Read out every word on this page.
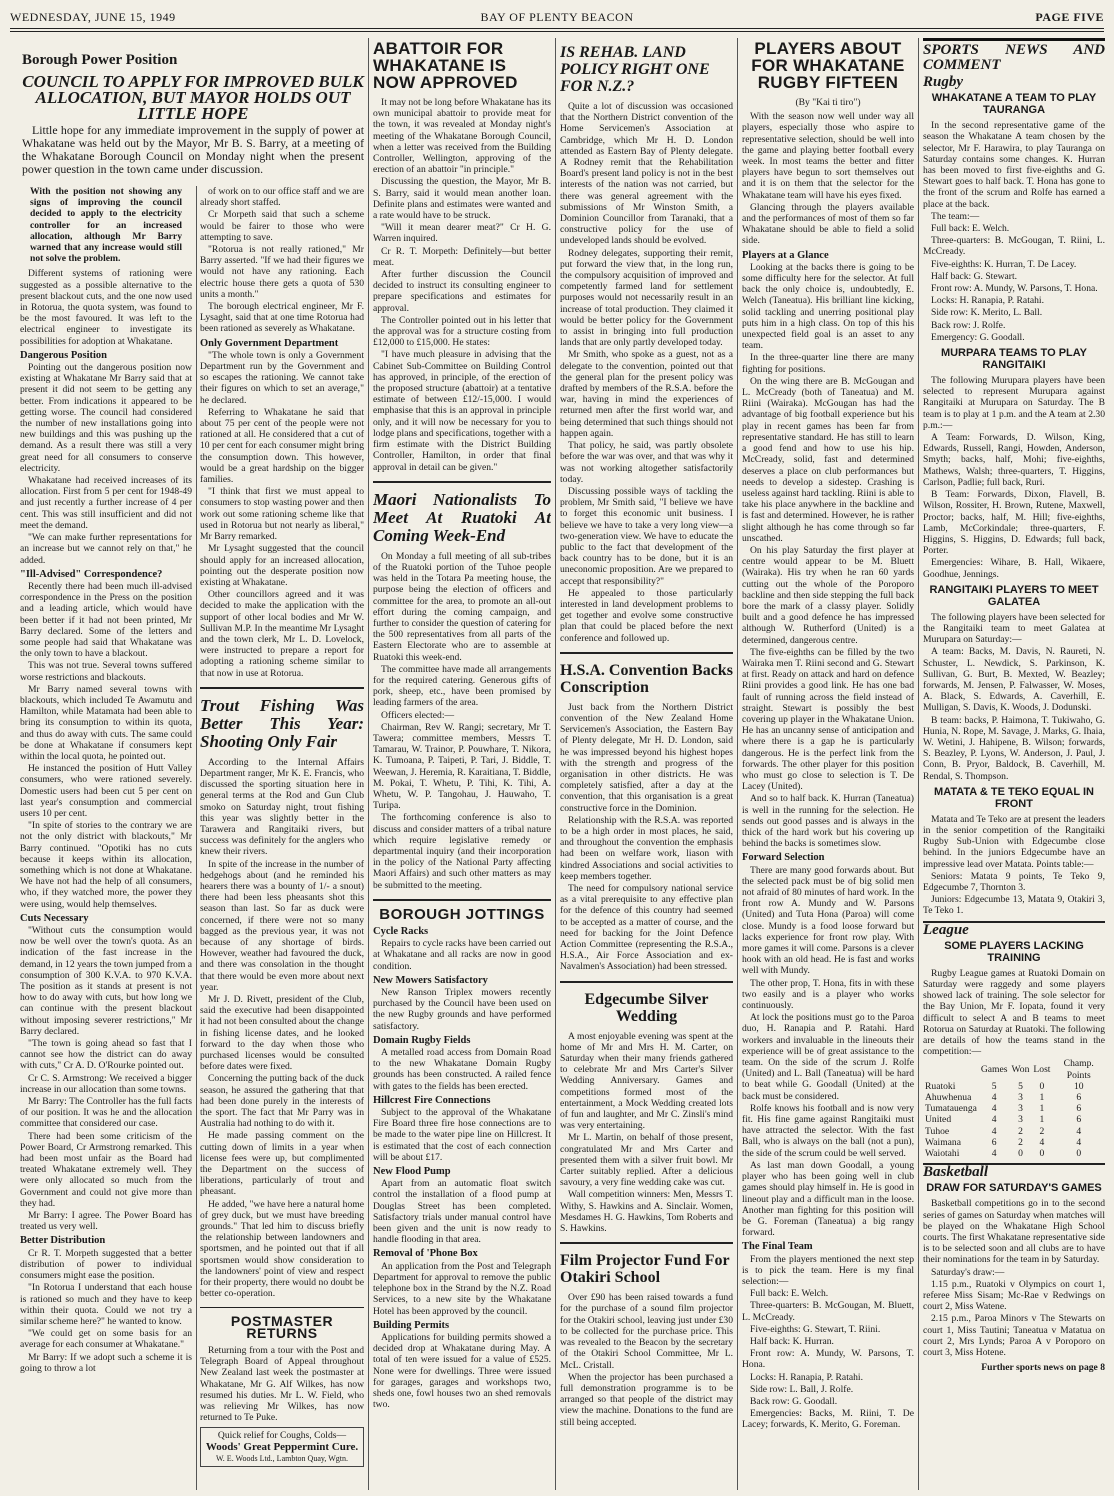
WEDNESDAY, JUNE 15, 1949	BAY OF PLENTY BEACON	PAGE FIVE
Borough Power Position
COUNCIL TO APPLY FOR IMPROVED BULK ALLOCATION, BUT MAYOR HOLDS OUT LITTLE HOPE

Little hope for any immediate improvement in the supply of power at Whakatane was held out by the Mayor, Mr B. S. Barry, at a meeting of the Whakatane Borough Council on Monday night when the present power question in the town came under discussion.

With the position not showing any signs of improving the council decided to apply to the electricity controller for an increased allocation, although Mr Barry warned that any increase would still not solve the problem.

Different systems of rationing were suggested as a possible alternative to the present blackout cuts, and the one now used in Rotorua, the quota system, was found to be the most favoured. It was left to the electrical engineer to investigate its possibilities for adoption at Whakatane.

Dangerous Position

Pointing out the dangerous position now existing at Whakatane Mr Barry said that at present it did not seem to be getting any better. From indications it appeared to be getting worse. The council had considered the number of new installations going into new buildings and this was pushing up the demand. As a result there was still a very great need for all consumers to conserve electricity.

Whakatane had received increases of its allocation. First from 5 per cent for 1948-49 and just recently a further increase of 4 per cent. This was still insufficient and did not meet the demand.

"We can make further representations for an increase but we cannot rely on that," he added.

"Ill-Advised" Correspondence?

Recently there had been much ill-advised correspondence in the Press on the position and a leading article, which would have been better if it had not been printed, Mr Barry declared. Some of the letters and some people had said that Whakatane was the only town to have a blackout.

This was not true. Several towns suffered worse restrictions and blackouts.

Mr Barry named several towns with blackouts, which included Te Awamutu and Hamilton, while Matamata had been able to bring its consumption to within its quota, and thus do away with cuts. The same could be done at Whakatane if consumers kept within the local quota, he pointed out.

He instanced the position of Hutt Valley consumers, who were rationed severely. Domestic users had been cut 5 per cent on last year's consumption and commercial users 10 per cent.

"In spite of stories to the contrary we are not the only district with blackouts," Mr Barry continued. "Opotiki has no cuts because it keeps within its allocation, something which is not done at Whakatane. We have not had the help of all consumers, who, if they watched more, the power they were using, would help themselves.

Cuts Necessary

"Without cuts the consumption would now be well over the town's quota. As an indication of the fast increase in the demand, in 12 years the town jumped from a consumption of 300 K.V.A. to 970 K.V.A. The position as it stands at present is not how to do away with cuts, but how long we can continue with the present blackout without imposing severer restrictions," Mr Barry declared.

"The town is going ahead so fast that I cannot see how the district can do away with cuts," Cr A. D. O'Rourke pointed out.

Cr C. S. Armstrong: We received a bigger increase in our allocation than some towns.

Mr Barry: The Controller has the full facts of our position. It was he and the allocation committee that considered our case.

There had been some criticism of the Power Board, Cr Armstrong remarked. This had been most unfair as the Board had treated Whakatane extremely well. They were only allocated so much from the Government and could not give more than they had.

Mr Barry: I agree. The Power Board has treated us very well.

Better Distribution

Cr R. T. Morpeth suggested that a better distribution of power to individual consumers might ease the position.

"In Rotorua I understand that each house is rationed so much and they have to keep within their quota. Could we not try a similar scheme here?" he wanted to know.

"We could get on some basis for an average for each consumer at Whakatane."

Mr Barry: If we adopt such a scheme it is going to throw a lot

of work on to our office staff and we are already short staffed.

Cr Morpeth said that such a scheme would be fairer to those who were attempting to save.

"Rotorua is not really rationed," Mr Barry asserted. "If we had their figures we would not have any rationing. Each electric house there gets a quota of 530 units a month."

The borough electrical engineer, Mr F. Lysaght, said that at one time Rotorua had been rationed as severely as Whakatane.

Only Government Department

"The whole town is only a Government Department run by the Government and so escapes the rationing. We cannot take their figures on which to set an average," he declared.

Referring to Whakatane he said that about 75 per cent of the people were not rationed at all. He considered that a cut of 10 per cent for each consumer might bring the consumption down. This however, would be a great hardship on the bigger families.

"I think that first we must appeal to consumers to stop wasting power and then work out some rationing scheme like that used in Rotorua but not nearly as liberal," Mr Barry remarked.

Mr Lysaght suggested that the council should apply for an increased allocation, pointing out the desperate position now existing at Whakatane.

Other councillors agreed and it was decided to make the application with the support of other local bodies and Mr W. Sullivan M.P. In the meantime Mr Lysaght and the town clerk, Mr L. D. Lovelock, were instructed to prepare a report for adopting a rationing scheme similar to that now in use at Rotorua.

Trout Fishing Was Better This Year: Shooting Only Fair

According to the Internal Affairs Department ranger, Mr K. E. Francis, who discussed the sporting situation here in general terms at the Rod and Gun Club smoko on Saturday night, trout fishing this year was slightly better in the Tarawera and Rangitaiki rivers, but success was definitely for the anglers who knew their rivers.

In spite of the increase in the number of hedgehogs about (and he reminded his hearers there was a bounty of 1/- a snout) there had been less pheasants shot this season than last. So far as duck were concerned, if there were not so many bagged as the previous year, it was not because of any shortage of birds. However, weather had favoured the duck, and there was consolation in the thought that there would be even more about next year.

Mr J. D. Rivett, president of the Club, said the executive had been disappointed it had not been consulted about the change in fishing license dates, and he looked forward to the day when those who purchased licenses would be consulted before dates were fixed.

Concerning the putting back of the duck season, he assured the gathering that that had been done purely in the interests of the sport. The fact that Mr Parry was in Australia had nothing to do with it.

He made passing comment on the cutting down of limits in a year when license fees were up, but complimented the Department on the success of liberations, particularly of trout and pheasant.

He added, "we have here a natural home of grey duck, but we must have breeding grounds." That led him to discuss briefly the relationship between landowners and sportsmen, and he pointed out that if all sportsmen would show consideration to the landowners' point of view and respect for their property, there would no doubt be better co-operation.

POSTMASTER RETURNS

Returning from a tour with the Post and Telegraph Board of Appeal throughout New Zealand last week the postmaster at Whakatane, Mr G. Alf Wilkes, has now resumed his duties. Mr L. W. Field, who was relieving Mr Wilkes, has now returned to Te Puke.

Quick relief for Coughs, Colds—
Woods' Great Peppermint Cure.
W. E. Woods Ltd., Lambton Quay, Wgtn.
ABATTOIR FOR WHAKATANE IS NOW APPROVED

It may not be long before Whakatane has its own municipal abattoir to provide meat for the town, it was revealed at Monday night's meeting of the Whakatane Borough Council, when a letter was received from the Building Controller, Wellington, approving of the erection of an abattoir "in principle."

Discussing the question, the Mayor, Mr B. S. Barry, said it would mean another loan. Definite plans and estimates were wanted and a rate would have to be struck.

"Will it mean dearer meat?" Cr H. G. Warren inquired.

Cr R. T. Morpeth: Definitely—but better meat.

After further discussion the Council decided to instruct its consulting engineer to prepare specifications and estimates for approval.

The Controller pointed out in his letter that the approval was for a structure costing from £12,000 to £15,000. He states:

"I have much pleasure in advising that the Cabinet Sub-Committee on Building Control has approved, in principle, of the erection of the proposed structure (abattoir) at a tentative estimate of between £12/-15,000. I would emphasise that this is an approval in principle only, and it will now be necessary for you to lodge plans and specifications, together with a firm estimate with the District Building Controller, Hamilton, in order that final approval in detail can be given."

Maori Nationalists To Meet At Ruatoki At Coming Week-End

On Monday a full meeting of all sub-tribes of the Ruatoki portion of the Tuhoe people was held in the Totara Pa meeting house, the purpose being the election of officers and committee for the area, to promote an all-out effort during the coming campaign, and further to consider the question of catering for the 500 representatives from all parts of the Eastern Electorate who are to assemble at Ruatoki this week-end.

The committee have made all arrangements for the required catering. Generous gifts of pork, sheep, etc., have been promised by leading farmers of the area.

Officers elected:—

Chairman, Rev W. Rangi; secretary, Mr T. Tawera; committee members, Messrs T. Tamarau, W. Trainor, P. Pouwhare, T. Nikora, K. Tumoana, P. Taipeti, P. Tari, J. Biddle, T. Weewan, J. Heremia, R. Karaitiana, T. Biddle, M. Pokai, T. Whetu, P. Tihi, K. Tihi, A. Whetu, W. P. Tangohau, J. Hauwaho, T. Turipa.

The forthcoming conference is also to discuss and consider matters of a tribal nature which require legislative remedy or departmental inquiry (and their incorporation in the policy of the National Party affecting Maori Affairs) and such other matters as may be submitted to the meeting.

BOROUGH JOTTINGS
Cycle Racks

Repairs to cycle racks have been carried out at Whakatane and all racks are now in good condition.

New Mowers Satisfactory

New Ranson Triplex mowers recently purchased by the Council have been used on the new Rugby grounds and have performed satisfactory.

Domain Rugby Fields

A metalled road access from Domain Road to the new Whakatane Domain Rugby grounds has been constructed. A railed fence with gates to the fields has been erected.

Hillcrest Fire Connections

Subject to the approval of the Whakatane Fire Board three fire hose connections are to be made to the water pipe line on Hillcrest. It is estimated that the cost of each connection will be about £17.

New Flood Pump

Apart from an automatic float switch control the installation of a flood pump at Douglas Street has been completed. Satisfactory trials under manual control have been given and the unit is now ready to handle flooding in that area.

Removal of 'Phone Box

An application from the Post and Telegraph Department for approval to remove the public telephone box in the Strand by the N.Z. Road Services, to a new site by the Whakatane Hotel has been approved by the council.

Building Permits

Applications for building permits showed a decided drop at Whakatane during May. A total of ten were issued for a value of £525. None were for dwellings. Three were issued for garages, garages and workshops two, sheds one, fowl houses two an shed removals two.

IS REHAB. LAND POLICY RIGHT ONE FOR N.Z.?

Quite a lot of discussion was occasioned that the Northern District convention of the Home Servicemen's Association at Cambridge, which Mr H. D. London attended as Eastern Bay of Plenty delegate. A Rodney remit that the Rehabilitation Board's present land policy is not in the best interests of the nation was not carried, but there was general agreement with the submissions of Mr Winston Smith, a Dominion Councillor from Taranaki, that a constructive policy for the use of undeveloped lands should be evolved.

Rodney delegates, supporting their remit, put forward the view that, in the long run, the compulsory acquisition of improved and competently farmed land for settlement purposes would not necessarily result in an increase of total production. They claimed it would be better policy for the Government to assist in bringing into full production lands that are only partly developed today.

Mr Smith, who spoke as a guest, not as a delegate to the convention, pointed out that the general plan for the present policy was drafted by members of the R.S.A. before the war, having in mind the experiences of returned men after the first world war, and being determined that such things should not happen again.

That policy, he said, was partly obsolete before the war was over, and that was why it was not working altogether satisfactorily today.

Discussing possible ways of tackling the problem, Mr Smith said, "I believe we have to forget this economic unit business. I believe we have to take a very long view—a two-generation view. We have to educate the public to the fact that development of the back country has to be done, but it is an uneconomic proposition. Are we prepared to accept that responsibility?"

He appealed to those particularly interested in land development problems to get together and evolve some constructive plan that could be placed before the next conference and followed up.

H.S.A. Convention Backs Conscription

Just back from the Northern District convention of the New Zealand Home Servicemen's Association, the Eastern Bay of Plenty delegate, Mr H. D. London, said he was impressed beyond his highest hopes with the strength and progress of the organisation in other districts. He was completely satisfied, after a day at the convention, that this organisation is a great constructive force in the Dominion.

Relationship with the R.S.A. was reported to be a high order in most places, he said, and throughout the convention the emphasis had been on welfare work, liason with kindred Associations and social activities to keep members together.

The need for compulsory national service as a vital prerequisite to any effective plan for the defence of this country had seemed to be accepted as a matter of course, and the need for backing for the Joint Defence Action Committee (representing the R.S.A., H.S.A., Air Force Association and ex-Navalmen's Association) had been stressed.

Edgecumbe Silver Wedding

A most enjoyable evening was spent at the home of Mr and Mrs H. M. Carter, on Saturday when their many friends gathered to celebrate Mr and Mrs Carter's Silver Wedding Anniversary. Games and competitions formed most of the entertainment, a Mock Wedding created lots of fun and laughter, and Mr C. Zinsli's mind was very entertaining.

Mr L. Martin, on behalf of those present, congratulated Mr and Mrs Carter and presented them with a silver fruit bowl. Mr Carter suitably replied. After a delicious savoury, a very fine wedding cake was cut.

Wall competition winners: Men, Messrs T. Withy, S. Hawkins and A. Sinclair. Women, Mesdames H. G. Hawkins, Tom Roberts and S. Hawkins.

Film Projector Fund For Otakiri School

Over £90 has been raised towards a fund for the purchase of a sound film projector for the Otakiri school, leaving just under £30 to be collected for the purchase price. This was revealed to the Beacon by the secretary of the Otakiri School Committee, Mr L. McL. Cristall.

When the projector has been purchased a full demonstration programme is to be arranged so that people of the district may view the machine. Donations to the fund are still being accepted.

PLAYERS ABOUT FOR WHAKATANE RUGBY FIFTEEN
(By "Kai ti tiro")

With the season now well under way all players, especially those who aspire to representative selection, should be well into the game and playing better football every week. In most teams the better and fitter players have begun to sort themselves out and it is on them that the selector for the Whakatane team will have his eyes fixed.

Glancing through the players available and the performances of most of them so far Whakatane should be able to field a solid side.

Players at a Glance

Looking at the backs there is going to be some difficulty here for the selector. At full back the only choice is, undoubtedly, E. Welch (Taneatua). His brilliant line kicking, solid tackling and unerring positional play puts him in a high class. On top of this his unexpected field goal is an asset to any team.

In the three-quarter line there are many fighting for positions.

On the wing there are B. McGougan and L. McCready (both of Taneatua) and M. Riini (Wairaka). McGougan has had the advantage of big football experience but his play in recent games has been far from representative standard. He has still to learn a good fend and how to use his hip. McCready, solid, fast and determined deserves a place on club performances but needs to develop a sidestep. Crashing is useless against hard tackling. Riini is able to take his place anywhere in the backline and is fast and determined. However, he is rather slight although he has come through so far unscathed.

On his play Saturday the first player at centre would appear to be M. Bluett (Wairaka). His try when he ran 60 yards cutting out the whole of the Poroporo backline and then side stepping the full back bore the mark of a classy player. Solidly built and a good defence he has impressed although W. Rutherford (United) is a determined, dangerous centre.

The five-eighths can be filled by the two Wairaka men T. Riini second and G. Stewart at first. Ready on attack and hard on defence Riini provides a good link. He has one bad fault of running across the field instead of straight. Stewart is possibly the best covering up player in the Whakatane Union. He has an uncanny sense of anticipation and where there is a gap he is particularly dangerous. He is the perfect link from the forwards. The other player for this position who must go close to selection is T. De Lacey (United).

And so to half back. K. Hurran (Taneatua) is well in the running for the selection. He sends out good passes and is always in the thick of the hard work but his covering up behind the backs is sometimes slow.

Forward Selection

There are many good forwards about. But the selected pack must be of big solid men not afraid of 80 minutes of hard work. In the front row A. Mundy and W. Parsons (United) and Tuta Hona (Paroa) will come close. Mundy is a food loose forward but lacks experience for front row play. With more games it will come. Parsons is a clever hook with an old head. He is fast and works well with Mundy.

The other prop, T. Hona, fits in with these two easily and is a player who works continuously.

At lock the positions must go to the Paroa duo, H. Ranapia and P. Ratahi. Hard workers and invaluable in the lineouts their experience will be of great assistance to the team. On the side of the scrum J. Rolfe (United) and L. Ball (Taneatua) will be hard to beat while G. Goodall (United) at the back must be considered.

Rolfe knows his football and is now very fit. His fine game against Rangitaiki must have attracted the selector. With the fast Ball, who is always on the ball (not a pun), the side of the scrum could be well served.

As last man down Goodall, a young player who has been going well in club games should play himself in. He is good in lineout play and a difficult man in the loose. Another man fighting for this position will be G. Foreman (Taneatua) a big rangy forward.

The Final Team

From the players mentioned the next step is to pick the team. Here is my final selection:—

Full back: E. Welch.

Three-quarters: B. McGougan, M. Bluett, L. McCready.

Five-eighths: G. Stewart, T. Riini.

Half back: K. Hurran.

Front row: A. Mundy, W. Parsons, T. Hona.

Locks: H. Ranapia, P. Ratahi.

Side row: L. Ball, J. Rolfe.

Back row: G. Goodall.

Emergencies: Backs, M. Riini, T. De Lacey; forwards, K. Merito, G. Foreman.

SPORTS NEWS AND COMMENT
Rugby
WHAKATANE A TEAM TO PLAY TAURANGA

In the second representative game of the season the Whakatane A team chosen by the selector, Mr F. Harawira, to play Tauranga on Saturday contains some changes. K. Hurran has been moved to first five-eighths and G. Stewart goes to half back. T. Hona has gone to the front of the scrum and Rolfe has earned a place at the back.

The team:—

Full back: E. Welch.

Three-quarters: B. McGougan, T. Riini, L. McCready.

Five-eighths: K. Hurran, T. De Lacey.

Half back: G. Stewart.

Front row: A. Mundy, W. Parsons, T. Hona.

Locks: H. Ranapia, P. Ratahi.

Side row: K. Merito, L. Ball.

Back row: J. Rolfe.

Emergency: G. Goodall.

MURPARA TEAMS TO PLAY RANGITAIKI

The following Murupara players have been selected to represent Murupara against Rangitaiki at Murupara on Saturday. The B team is to play at 1 p.m. and the A team at 2.30 p.m.:—

A Team: Forwards, D. Wilson, King, Edwards, Russell, Rangi, Howden, Anderson, Smyth; backs, half, Mohi; five-eighths, Mathews, Walsh; three-quarters, T. Higgins, Carlson, Padlie; full back, Ruri.

B Team: Forwards, Dixon, Flavell, B. Wilson, Rossiter, H. Brown, Rutene, Maxwell, Proctor; backs, half, M. Hill; five-eighths, Lamb, McCorkindale; three-quarters, F. Higgins, S. Higgins, D. Edwards; full back, Porter.

Emergencies: Wihare, B. Hall, Wikaere, Goodhue, Jennings.

RANGITAIKI PLAYERS TO MEET GALATEA

The following players have been selected for the Rangitaiki team to meet Galatea at Murupara on Saturday:—

A team: Backs, M. Davis, N. Raureti, N. Schuster, L. Newdick, S. Parkinson, K. Sullivan, G. Burt, B. Mexted, W. Beazley; forwards, M. Jensen, P. Falwasser, W. Moses, A. Black, S. Edwards, A. Caverhill, E. Mulligan, S. Davis, K. Woods, J. Dodunski.

B team: backs, P. Haimona, T. Tukiwaho, G. Hunia, N. Rope, M. Savage, J. Marks, G. Ihaia, W. Wetini, J. Hahipene, B. Wilson; forwards, S. Beazley, P. Lyons, W. Anderson, J. Paul, J. Conn, B. Pryor, Baldock, B. Caverhill, M. Rendal, S. Thompson.

MATATA & TE TEKO EQUAL IN FRONT

Matata and Te Teko are at present the leaders in the senior competition of the Rangitaiki Rugby Sub-Union with Edgecumbe close behind. In the juniors Edgecumbe have an impressive lead over Matata. Points table:—

Seniors: Matata 9 points, Te Teko 9, Edgecumbe 7, Thornton 3.

Juniors: Edgecumbe 13, Matata 9, Otakiri 3, Te Teko 1.

League
SOME PLAYERS LACKING TRAINING

Rugby League games at Ruatoki Domain on Saturday were raggedy and some players showed lack of training. The sole selector for the Bay Union, Mr F. Iopata, found it very difficult to select A and B teams to meet Rotorua on Saturday at Ruatoki. The following are details of how the teams stand in the competition:—

	Games	Won	Lost	Champ. Points
Ruatoki	5	5	0	10
Ahuwhenua	4	3	1	6
Tumatauenga	4	3	1	6
United	4	3	1	6
Tuhoe	4	2	2	4
Waimana	6	2	4	4
Waiotahi	4	0	0	0
Basketball
DRAW FOR SATURDAY'S GAMES

Basketball competitions go in to the second series of games on Saturday when matches will be played on the Whakatane High School courts. The first Whakatane representative side is to be selected soon and all clubs are to have their nominations for the team in by Saturday.

Saturday's draw:—

1.15 p.m., Ruatoki v Olympics on court 1, referee Miss Sisam; Mc-Rae v Redwings on court 2, Miss Watene.

2.15 p.m., Paroa Minors v The Stewarts on court 1, Miss Tautini; Taneatua v Matatua on court 2, Mrs Lynds; Paroa A v Poroporo on court 3, Miss Hotene.

Further sports news on page 8
